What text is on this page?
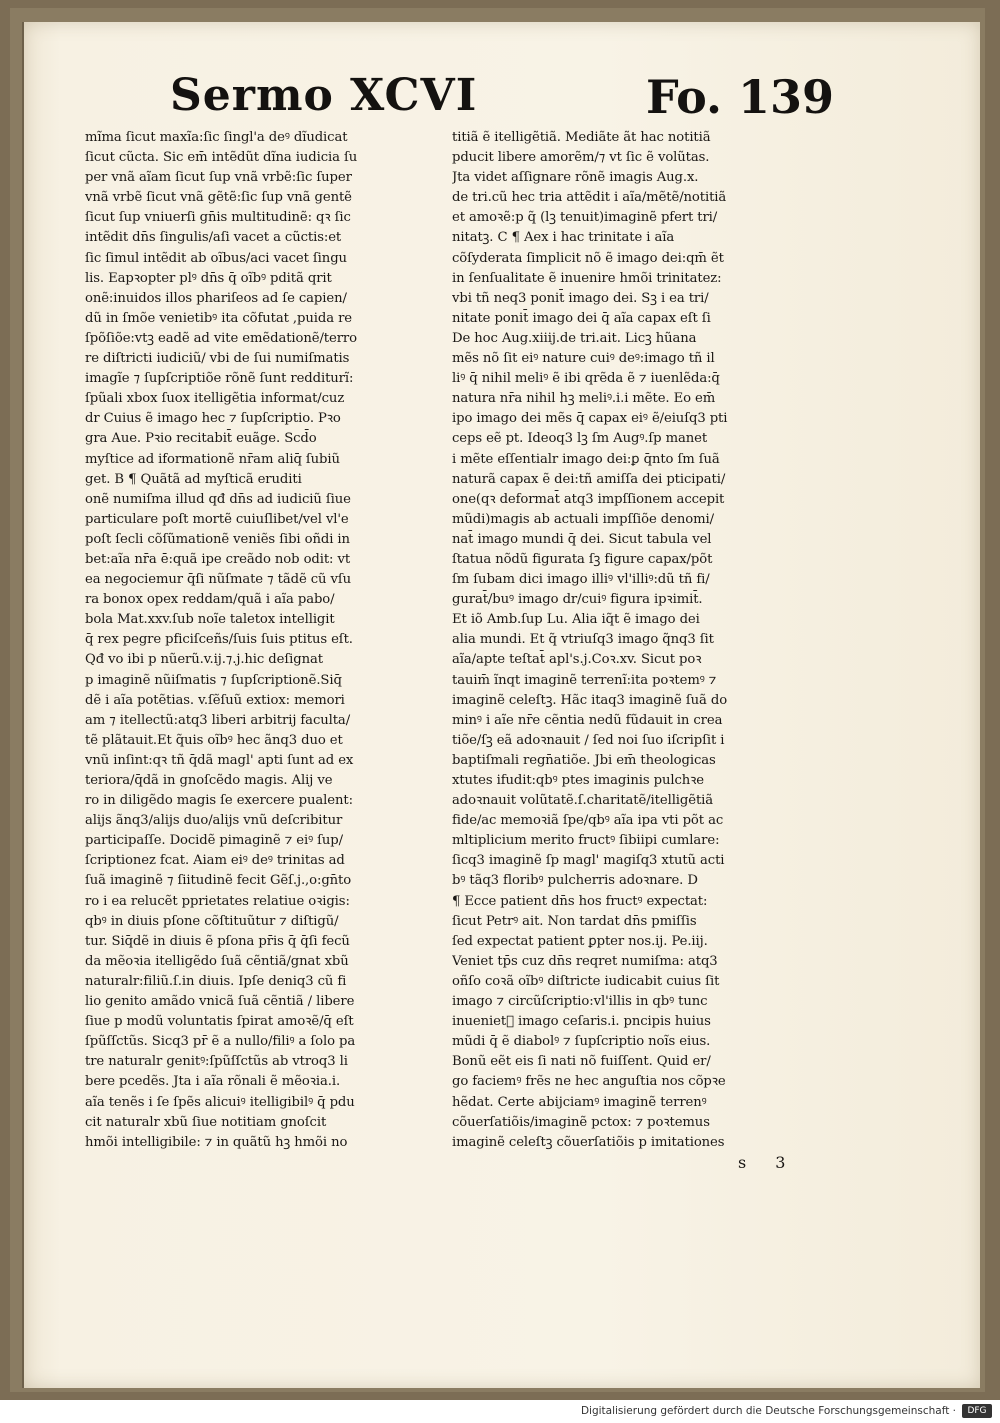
Sermo XCVI	Fo. 139
mĩma ſicut maxĩa:ſic ſingl'a deꝰ dĩudicat
ſicut cũcta. Sic em̄ intẽdũt dĩna iudicia ſu
per vnã aĩam ſicut ſup vnã vrbẽ:ſic ſuper
vnã vrbẽ ſicut vnã gẽtẽ:ſic ſup vnã gentẽ
ſicut ſup vniuerſi gn̄is multitudinẽ: qꝛ ſic
intẽdit dn̄s ſingulis/aſi vacet a cũctis:et
ſic ſimul intẽdit ab oĩbus/aci vacet ſingu
lis. Eapꝛopter plꝰ dn̄s q̄ oĩbꝰ pditã qrit
onẽ:inuidos illos phariſeos ad ſe capien/
dũ in ſmõe venietibꝰ ita cõfutat ,puida re
ſpõſiõe:vtꝫ eadẽ ad vite emẽdationẽ/terro
re diſtricti iudiciũ/ vbi de ſui numiſmatis
imagĩe ⁊ ſupſcriptiõe rõnẽ ſunt redditurĩ:
ſpũali xbox ſuox itelligẽtia informat/cuz
dr Cuius ẽ imago hec ⁊ ſupſcriptio. Pꝛo
gra Aue. Pꝛio recitabit̄ euãge. Scd̄o
myſtice ad iformationẽ nr̄am aliq̄ ſubiũ
get. B ¶ Quãtã ad myſticã eruditi
onẽ numiſma illud qđ dn̄s ad iudiciũ ſiue
particulare poſt mortẽ cuiuſlibet/vel vl'e
poſt ſecli cõſũmationẽ veniẽs ſibi oñdi in
bet:aĩa nr̄a ē:quã ipe creãdo nob odit: vt
ea negociemur q̄ſi nũſmate ⁊ tãdẽ cũ vſu
ra bonox opex reddam/quã i aĩa pabo/
bola Mat.xxv.ſub noĩe taletox intelligit
q̄ rex pegre pficiſceñs/ſuis ſuis ptitus eſt.
Qđ vo ibi p nũerũ.v.ij.⁊.j.hic deſignat
p imaginẽ nũiſmatis ⁊ ſupſcriptionẽ.Siq̄
dẽ i aĩa potẽtias. v.ſẽſuũ extiox: memori
am ⁊ itellectũ:atq3 liberi arbitrij faculta/
tẽ plãtauit.Et q̃uis oĩbꝰ hec ãnq3 duo et
vnũ inſint:qꝛ tñ q̄dã magl' apti ſunt ad ex
teriora/q̄dã in gnoſcẽdo magis. Alij ve
ro in diligẽdo magis ſe exercere pualent:
alijs ãnq3/alijs duo/alijs vnũ deſcribitur
participaſſe. Docidẽ pimaginẽ ⁊ eiꝰ ſup/
ſcriptionez fcat. Aiam eiꝰ deꝰ trinitas ad
ſuã imaginẽ ⁊ ſiitudinẽ fecit Gẽſ.j.,o:gn̄to
ro i ea relucẽt pprietates relatiue oꝛigis:
qbꝰ in diuis pſone cõſtituũtur ⁊ diſtigũ/
tur. Siq̄dẽ in diuis ẽ pſona pr̄is q̄ q̄ſi fecũ
da mẽoꝛia itelligẽdo ſuã cẽntiã/gnat xbũ
naturalr:filiũ.ſ.in diuis. Ipſe deniq3 cũ fi
lio genito amãdo vnicã ſuã cẽntiã / libere
ſiue p modũ voluntatis ſpirat amoꝛẽ/q̄ eſt
ſpũſſctũs. Sicq3 pr̄ ẽ a nullo/filiꝰ a ſolo pa
tre naturalr genitꝰ:ſpũſſctũs ab vtroq3 li
bere pcedẽs. Jta i aĩa rõnali ẽ mẽoꝛia.i.
aĩa tenẽs i ſe ſpẽs alicuiꝰ itelligibilꝰ q̄ pdu
cit naturalr xbũ ſiue notitiam gnoſcit
hmõi intelligibile: ⁊ in quãtũ hꝫ hmõi no
titiã ẽ itelligẽtiã. Mediãte ãt hac notitiã
pducit libere amorẽm/⁊ vt ſic ẽ volũtas.
Jta videt aſſignare rõnẽ imagis Aug.x.
de tri.cũ hec tria attẽdit i aĩa/mẽtẽ/notitiã
et amoꝛẽ:p q̃ (lꝫ tenuit)imaginẽ pfert tri/
nitatꝫ. C ¶ Aex i hac trinitate i aĩa
cõſyderata ſimplicit nõ ẽ imago dei:qm̄ ẽt
in ſenſualitate ẽ inuenire hmõi trinitatez:
vbi tñ neq3 ponit̄ imago dei. Sꝫ i ea tri/
nitate ponit̄ imago dei q̄ aĩa capax eſt ſi
De hoc Aug.xiiij.de tri.ait. Licꝫ hũana
mẽs nõ ſit eiꝰ nature cuiꝰ deꝰ:imago tñ il
liꝰ q̄ nihil meliꝰ ẽ ibi qrẽda ẽ ⁊ iuenlẽda:q̄
natura nr̄a nihil hꝫ meliꝰ.i.i mẽte. Eo em̄
ipo imago dei mẽs q̄ capax eiꝰ ẽ/eiuſq3 pti
ceps eẽ pt. Ideoq3 lꝫ ſm Augꝰ.ſp manet
i mẽte eſſentialr imago dei:ꝑ q̄nto ſm ſuã
naturã capax ẽ dei:tñ amiſſa dei pticipati/
one(qꝛ deformat̄ atq3 impſſionem accepit
mũdi)magis ab actuali impſſiõe denomi/
nat̄ imago mundi q̄ dei. Sicut tabula vel
ſtatua nõdũ figurata ſꝫ figure capax/põt
ſm ſubam dici imago illiꝰ vl'illiꝰ:dũ tñ fi/
gurat̄/buꝰ imago dr/cuiꝰ figura ipꝛimit̄.
Et iõ Amb.ſup Lu. Alia iq̃t ẽ imago dei
alia mundi. Et q̃ vtriuſq3 imago q̃nq3 ſit
aĩa/apte teſtat̄ apl's.j.Coꝛ.xv. Sicut poꝛ
tauim̄ ĩnqt imaginẽ terrenĩ:ita poꝛtemꝰ ⁊
imaginẽ celeſtꝫ. Hãc itaq3 imaginẽ ſuã do
minꝰ i aĩe nr̄e cẽntia nedũ fũdauit in crea
tiõe/ſꝫ eã adoꝛnauit / ſed noi ſuo iſcripſit i
baptiſmali regn̄atiõe. Jbi em̄ theologicas
xtutes ifudit:qbꝰ ptes imaginis pulchꝛe
adoꝛnauit volũtatẽ.ſ.charitatẽ/itelligẽtiã
fide/ac memoꝛiã ſpe/qbꝰ aĩa ipa vti põt ac
mltiplicium merito fructꝰ ſibiipi cumlare:
ſicq3 imaginẽ ſp magl' magiſq3 xtutũ acti
bꝰ tãq3 floribꝰ pulcherris adoꝛnare. D
¶ Ecce patient dn̄s hos fructꝰ expectat:
ſicut Petrꝰ ait. Non tardat dn̄s pmiſſis
ſed expectat patient ꝑpter nos.ij. Pe.iij.
Veniet tp̄s cuz dn̄s reqret numiſma: atq3
oñſo coꝛã oĩbꝰ diſtricte iudicabit cuius ſit
imago ⁊ circũſcriptio:vl'illis in qbꝰ tunc
inuenietᷣ imago ceſaris.i. pncipis huius
mũdi q̄ ẽ diabolꝰ ⁊ ſupſcriptio noĩs eius.
Bonũ eẽt eis ſi nati nõ fuiſſent. Quid er/
go faciemꝰ frẽs ne hec anguſtia nos cõpꝛe
hẽdat. Certe abijciamꝰ imaginẽ terrenꝰ
cõuerſatiõis/imaginẽ pctox: ⁊ poꝛtemus
imaginẽ celeſtꝫ cõuerſatiõis p imitationes
s 3
Digitalisierung gefördert durch die Deutsche Forschungsgemeinschaft ·	DFG
